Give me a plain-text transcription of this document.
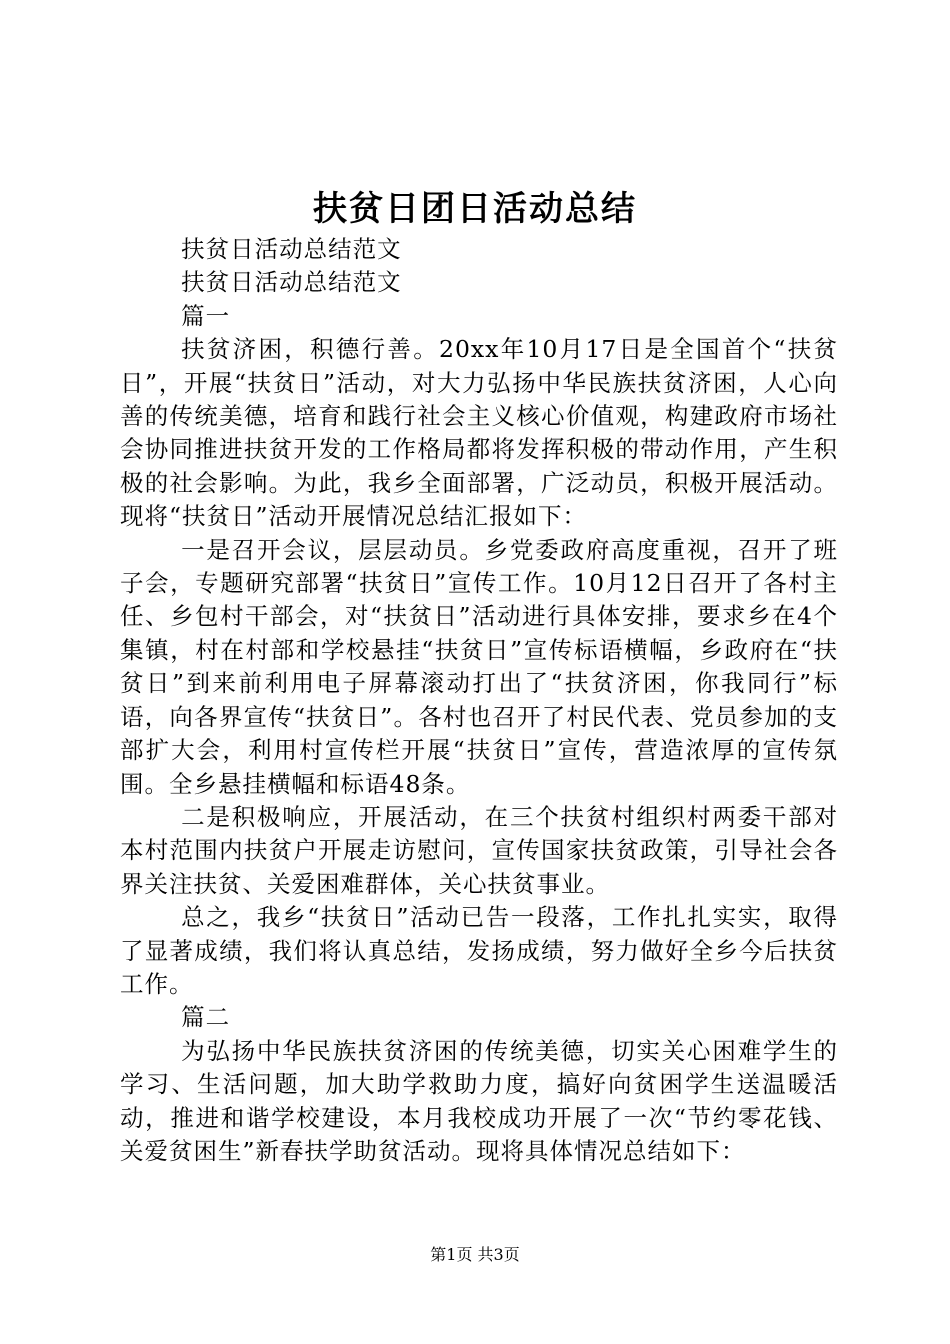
扶贫日团日活动总结

扶贫日活动总结范文

扶贫日活动总结范文

篇一

扶贫济困，积德行善。20xx年10月17日是全国首个“扶贫日”，开展“扶贫日”活动，对大力弘扬中华民族扶贫济困，人心向善的传统美德，培育和践行社会主义核心价值观，构建政府市场社会协同推进扶贫开发的工作格局都将发挥积极的带动作用，产生积极的社会影响。为此，我乡全面部署，广泛动员，积极开展活动。现将“扶贫日”活动开展情况总结汇报如下：

一是召开会议，层层动员。乡党委政府高度重视，召开了班子会，专题研究部署“扶贫日”宣传工作。10月12日召开了各村主任、乡包村干部会，对“扶贫日”活动进行具体安排，要求乡在4个集镇，村在村部和学校悬挂“扶贫日”宣传标语横幅，乡政府在“扶贫日”到来前利用电子屏幕滚动打出了“扶贫济困，你我同行”标语，向各界宣传“扶贫日”。各村也召开了村民代表、党员参加的支部扩大会，利用村宣传栏开展“扶贫日”宣传，营造浓厚的宣传氛围。全乡悬挂横幅和标语48条。

二是积极响应，开展活动，在三个扶贫村组织村两委干部对本村范围内扶贫户开展走访慰问，宣传国家扶贫政策，引导社会各界关注扶贫、关爱困难群体，关心扶贫事业。

总之，我乡“扶贫日”活动已告一段落，工作扎扎实实，取得了显著成绩，我们将认真总结，发扬成绩，努力做好全乡今后扶贫工作。

篇二

为弘扬中华民族扶贫济困的传统美德，切实关心困难学生的学习、生活问题，加大助学救助力度，搞好向贫困学生送温暖活动，推进和谐学校建设，本月我校成功开展了一次“节约零花钱、关爱贫困生”新春扶学助贫活动。现将具体情况总结如下：

第1页 共3页
